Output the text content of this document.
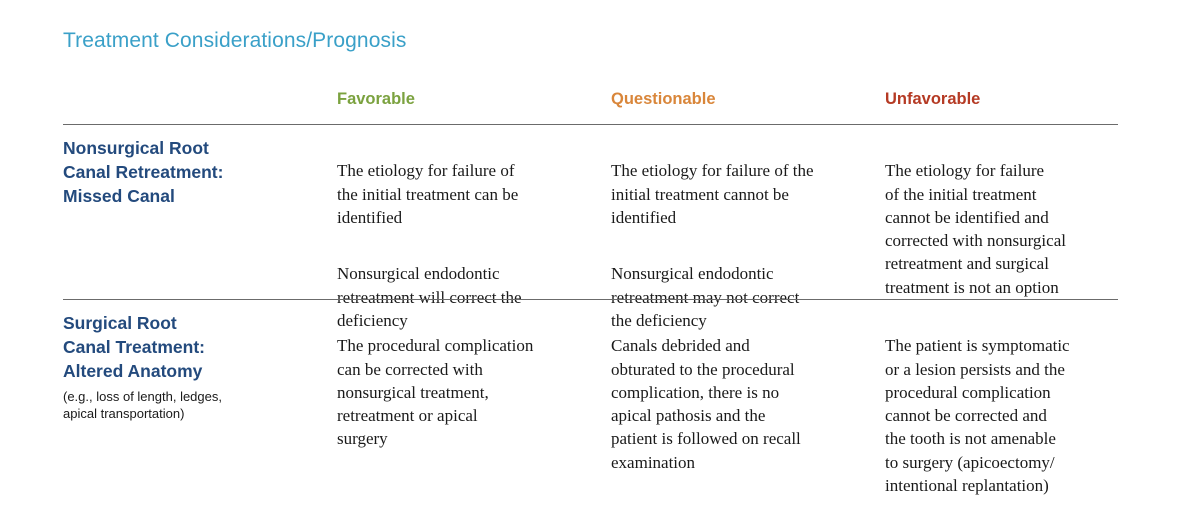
Treatment Considerations/Prognosis
Favorable	Questionable	Unfavorable
Nonsurgical Root
Canal Retreatment:
Missed Canal

The etiology for failure of
the initial treatment can be
identified

Nonsurgical endodontic
retreatment will correct the
deficiency

The etiology for failure of the
initial treatment cannot be
identified

Nonsurgical endodontic
retreatment may not correct
the deficiency

The etiology for failure
of the initial treatment
cannot be identified and
corrected with nonsurgical
retreatment and surgical
treatment is not an option

Surgical Root
Canal Treatment:
Altered Anatomy
(e.g., loss of length, ledges,
apical transportation)

The procedural complication
can be corrected with
nonsurgical treatment,
retreatment or apical
surgery

Canals debrided and
obturated to the procedural
complication, there is no
apical pathosis and the
patient is followed on recall
examination

The patient is symptomatic
or a lesion persists and the
procedural complication
cannot be corrected and
the tooth is not amenable
to surgery (apicoectomy/
intentional replantation)
